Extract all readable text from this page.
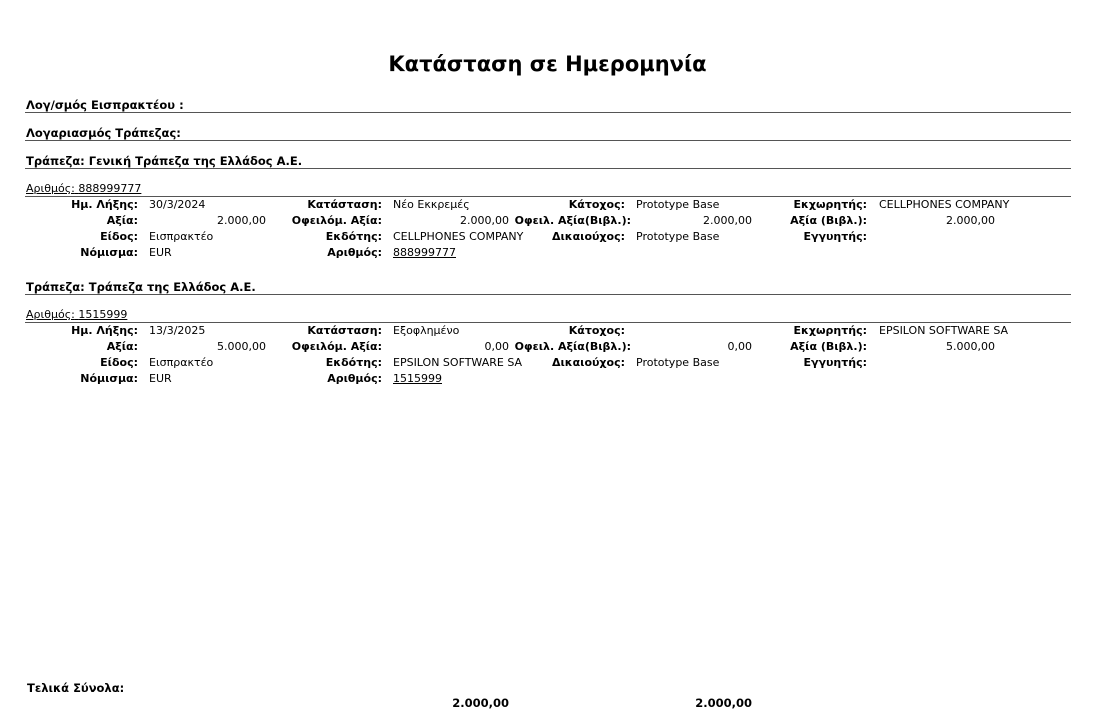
Κατάσταση σε Ημερομηνία
Λογ/σμός Εισπρακτέου :
Λογαριασμός Τράπεζας:
Τράπεζα: Γενική Τράπεζα της Ελλάδος Α.Ε.
Αριθμός: 888999777
Ημ. Λήξης: 30/3/2024	Κατάσταση: Νέο Εκκρεμές	Κάτοχος: Prototype Base	Εκχωρητής: CELLPHONES COMPANY
Αξία:	2.000,00	Οφειλόμ. Αξία:	2.000,00 Οφειλ. Αξία(Βιβλ.):	2.000,00	Αξία (Βιβλ.):	2.000,00
Είδος: Εισπρακτέο	Εκδότης: CELLPHONES COMPANY	Δικαιούχος: Prototype Base	Εγγυητής:
Νόμισμα: EUR	Αριθμός: 888999777
Τράπεζα: Τράπεζα της Ελλάδος Α.Ε.
Αριθμός: 1515999
Ημ. Λήξης: 13/3/2025	Κατάσταση: Εξοφλημένο	Κάτοχος:	Εκχωρητής: EPSILON SOFTWARE SA
Αξία:	5.000,00	Οφειλόμ. Αξία:	0,00 Οφειλ. Αξία(Βιβλ.):	0,00	Αξία (Βιβλ.):	5.000,00
Είδος: Εισπρακτέο	Εκδότης: EPSILON SOFTWARE SA	Δικαιούχος: Prototype Base	Εγγυητής:
Νόμισμα: EUR	Αριθμός: 1515999
Τελικά Σύνολα:
2.000,00	2.000,00
